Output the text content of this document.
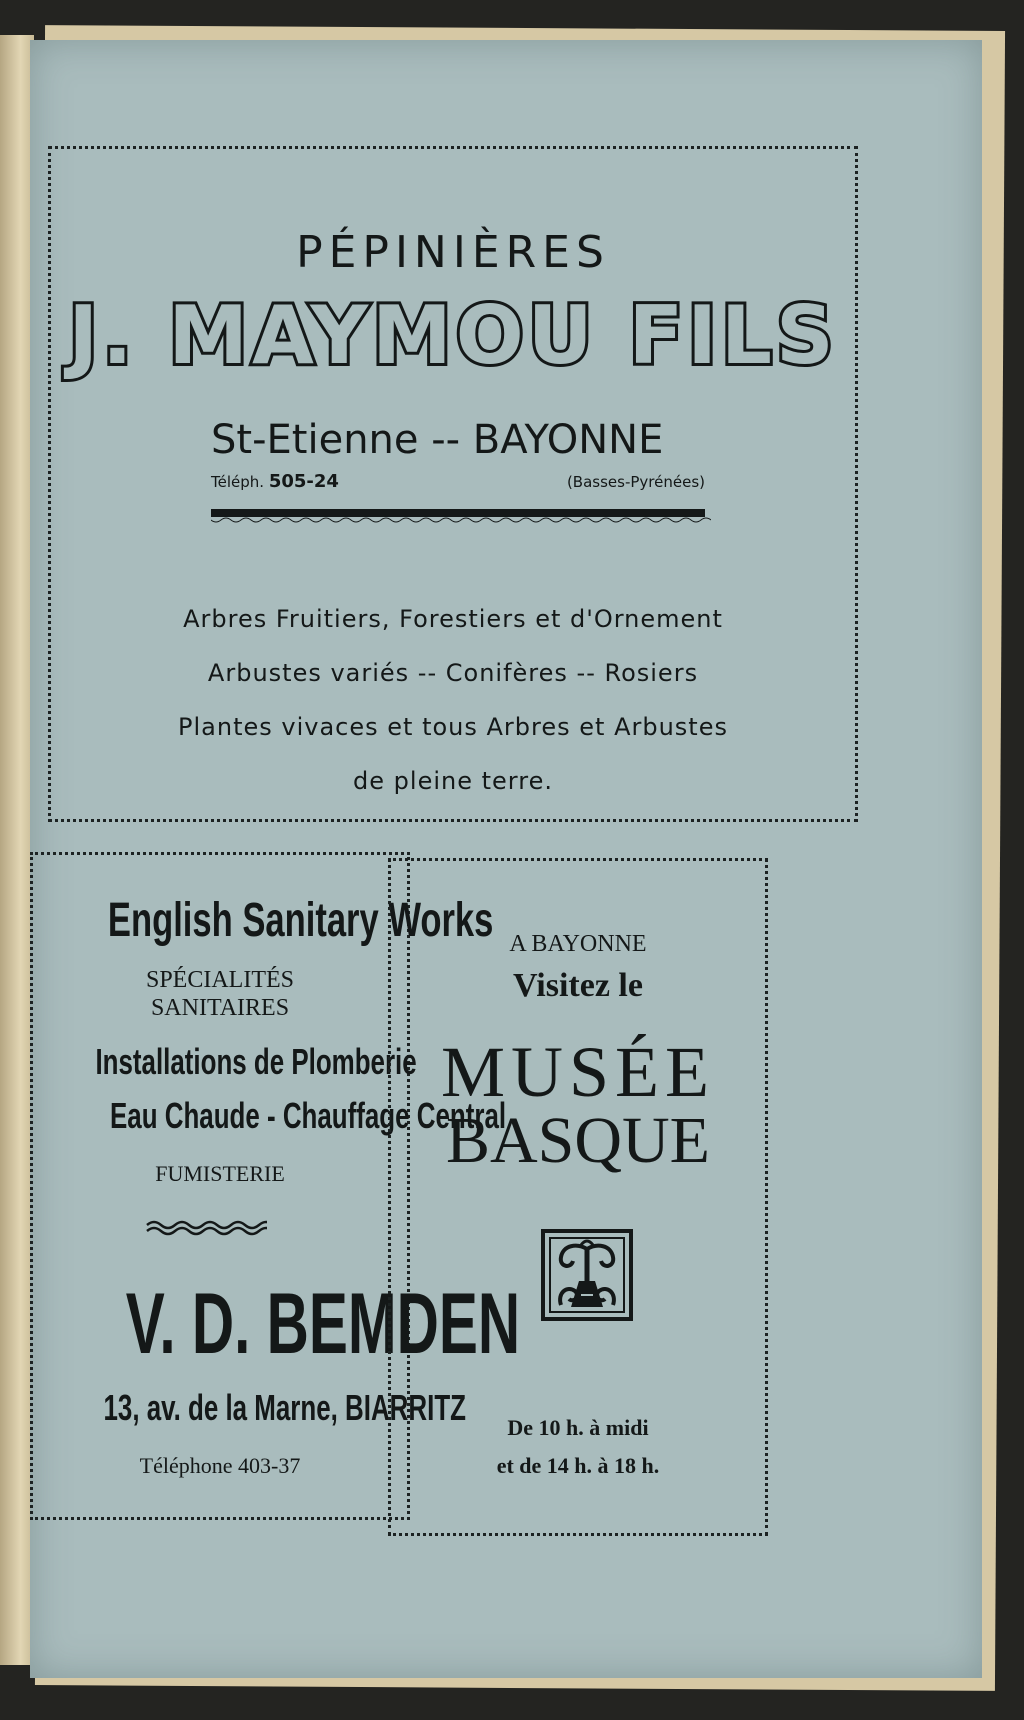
PÉPINIÈRES
J. MAYMOU FILS
St-Etienne -- BAYONNE
Téléph. 505-24	(Basses-Pyrénées)
Arbres Fruitiers, Forestiers et d'Ornement
Arbustes variés -- Conifères -- Rosiers
Plantes vivaces et tous Arbres et Arbustes
de pleine terre.
English Sanitary Works
SPÉCIALITÉS
SANITAIRES
Installations de Plomberie
Eau Chaude - Chauffage Central
FUMISTERIE
V. D. BEMDEN
13, av. de la Marne, BIARRITZ
Téléphone 403-37
A BAYONNE
Visitez le
MUSÉE
BASQUE
De 10 h. à midi
et de 14 h. à 18 h.
